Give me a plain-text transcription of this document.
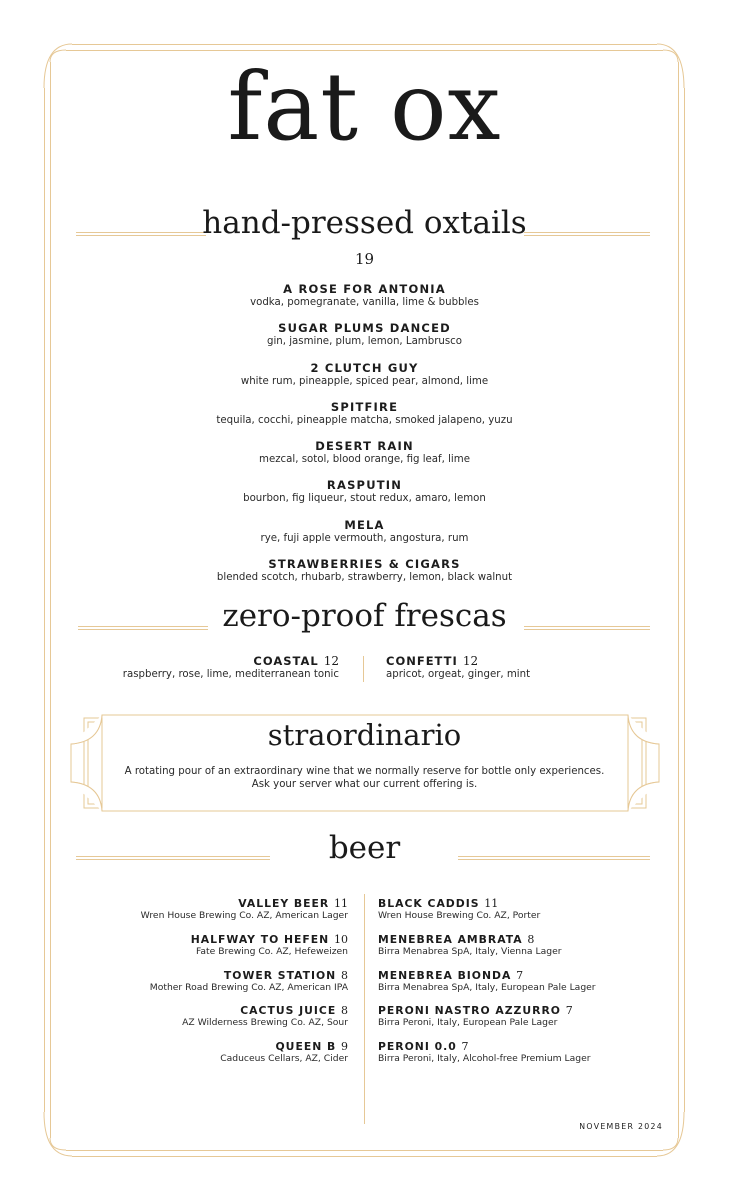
fat ox
hand-pressed oxtails
19
A ROSE FOR ANTONIA
vodka, pomegranate, vanilla, lime & bubbles
SUGAR PLUMS DANCED
gin, jasmine, plum, lemon, Lambrusco
2 CLUTCH GUY
white rum, pineapple, spiced pear, almond, lime
SPITFIRE
tequila, cocchi, pineapple matcha, smoked jalapeno, yuzu
DESERT RAIN
mezcal, sotol, blood orange, fig leaf, lime
RASPUTIN
bourbon, fig liqueur, stout redux, amaro, lemon
MELA
rye, fuji apple vermouth, angostura, rum
STRAWBERRIES & CIGARS
blended scotch, rhubarb, strawberry, lemon, black walnut
zero-proof frescas
COASTAL 12
raspberry, rose, lime, mediterranean tonic
CONFETTI 12
apricot, orgeat, ginger, mint
straordinario
A rotating pour of an extraordinary wine that we normally reserve for bottle only experiences.
Ask your server what our current offering is.
beer
VALLEY BEER 11
Wren House Brewing Co. AZ, American Lager
HALFWAY TO HEFEN 10
Fate Brewing Co. AZ, Hefeweizen
TOWER STATION 8
Mother Road Brewing Co. AZ, American IPA
CACTUS JUICE 8
AZ Wilderness Brewing Co. AZ, Sour
QUEEN B 9
Caduceus Cellars, AZ, Cider
BLACK CADDIS 11
Wren House Brewing Co. AZ, Porter
MENEBREA AMBRATA 8
Birra Menabrea SpA, Italy, Vienna Lager
MENEBREA BIONDA 7
Birra Menabrea SpA, Italy, European Pale Lager
PERONI NASTRO AZZURRO 7
Birra Peroni, Italy, European Pale Lager
PERONI 0.0 7
Birra Peroni, Italy, Alcohol-free Premium Lager
NOVEMBER 2024
